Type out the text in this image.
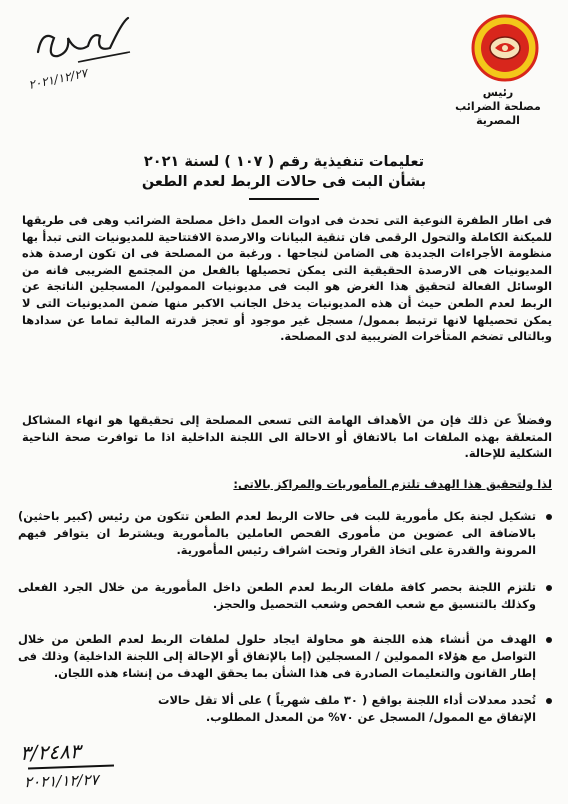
رئيس
مصلحة الضرائب المصرية
٢٠٢١/١٢/٢٧
تعليمات تنفيذية رقم ( ١٠٧ ) لسنة ٢٠٢١
بشأن البت فى حالات الربط لعدم الطعن
فى اطار الطفرة النوعية التى تحدث فى ادوات العمل داخل مصلحة الضرائب وهى فى طريقها للميكنة الكاملة والتحول الرقمى فان تنقية البيانات والارصدة الافتتاحية للمديونيات التى تبدأ بها منظومة الأجراءات الجديدة هى الضامن لنجاحها . ورغبة من المصلحة فى ان تكون ارصدة هذه المديونيات هى الارصدة الحقيقية التى يمكن تحصيلها بالفعل من المجتمع الضريبى فانه من الوسائل الفعالة لتحقيق هذا الغرض هو البت فى مديونيات الممولين/ المسجلين الناتجة عن الربط لعدم الطعن حيث أن هذه المديونيات يدخل الجانب الاكبر منها ضمن المديونيات التى لا يمكن تحصيلها لانها ترتبط بممول/ مسجل غير موجود أو تعجز قدرته المالية تماما عن سدادها وبالتالى تضخم المتأخرات الضريبية لدى المصلحة.
وفضلاً عن ذلك فإن من الأهداف الهامة التى تسعى المصلحة إلى تحقيقها هو انهاء المشاكل المتعلقة بهذه الملفات اما بالاتفاق أو الاحالة الى اللجنة الداخلية اذا ما توافرت صحة الناحية الشكلية للإحالة.
لذا ولتحقيق هذا الهدف تلتزم المأموريات والمراكز بالاتى:
تشكيل لجنة بكل مأمورية للبت فى حالات الربط لعدم الطعن تتكون من رئيس (كبير باحثين) بالاضافة الى عضوين من مأمورى الفحص العاملين بالمأمورية ويشترط ان يتوافر فيهم المرونة والقدرة على اتخاذ القرار وتحت اشراف رئيس المأمورية.
تلتزم اللجنة بحصر كافة ملفات الربط لعدم الطعن داخل المأمورية من خلال الجرد الفعلى وكذلك بالتنسيق مع شعب الفحص وشعب التحصيل والحجز.
الهدف من أنشاء هذه اللجنة هو محاولة ايجاد حلول لملفات الربط لعدم الطعن من خلال التواصل مع هؤلاء الممولين / المسجلين (إما بالإتفاق أو الإحالة إلى اللجنة الداخلية) وذلك فى إطار القانون والتعليمات الصادرة فى هذا الشأن بما يحقق الهدف من إنشاء هذه اللجان.
تُحدد معدلات أداء اللجنة بواقع ( ٣٠ ملف شهرياً ) على ألا تقل حالات الإتفاق مع الممول/ المسجل عن ٧٠% من المعدل المطلوب.
٣/٢٤٨٣
٢٠٢١/١٢/٢٧
